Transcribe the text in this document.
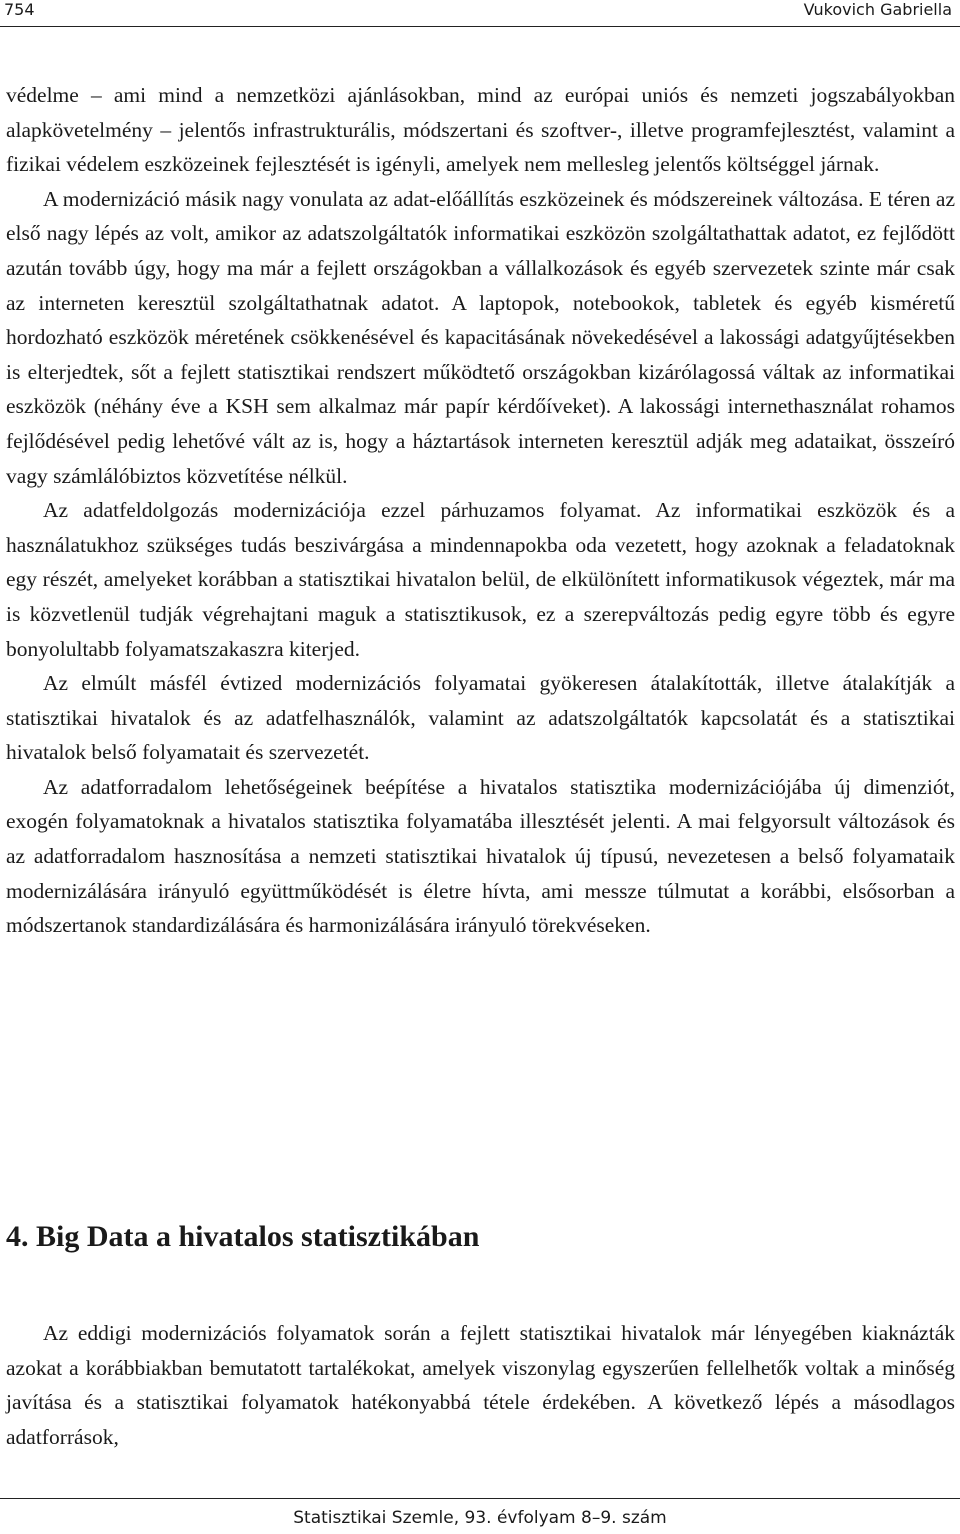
754	Vukovich Gabriella

védelme – ami mind a nemzetközi ajánlásokban, mind az európai uniós és nemzeti jogszabályokban alapkövetelmény – jelentős infrastrukturális, módszertani és szoftver-, illetve programfejlesztést, valamint a fizikai védelem eszközeinek fejlesztését is igényli, amelyek nem mellesleg jelentős költséggel járnak.

A modernizáció másik nagy vonulata az adat-előállítás eszközeinek és módszereinek változása. E téren az első nagy lépés az volt, amikor az adatszolgáltatók informatikai eszközön szolgáltathattak adatot, ez fejlődött azután tovább úgy, hogy ma már a fejlett országokban a vállalkozások és egyéb szervezetek szinte már csak az interneten keresztül szolgáltathatnak adatot. A laptopok, notebookok, tabletek és egyéb kisméretű hordozható eszközök méretének csökkenésével és kapacitásának növekedésével a lakossági adatgyűjtésekben is elterjedtek, sőt a fejlett statisztikai rendszert működtető országokban kizárólagossá váltak az informatikai eszközök (néhány éve a KSH sem alkalmaz már papír kérdőíveket). A lakossági internethasználat rohamos fejlődésével pedig lehetővé vált az is, hogy a háztartások interneten keresztül adják meg adataikat, összeíró vagy számlálóbiztos közvetítése nélkül.

Az adatfeldolgozás modernizációja ezzel párhuzamos folyamat. Az informatikai eszközök és a használatukhoz szükséges tudás beszivárgása a mindennapokba oda vezetett, hogy azoknak a feladatoknak egy részét, amelyeket korábban a statisztikai hivatalon belül, de elkülönített informatikusok végeztek, már ma is közvetlenül tudják végrehajtani maguk a statisztikusok, ez a szerepváltozás pedig egyre több és egyre bonyolultabb folyamatszakaszra kiterjed.

Az elmúlt másfél évtized modernizációs folyamatai gyökeresen átalakították, illetve átalakítják a statisztikai hivatalok és az adatfelhasználók, valamint az adatszolgáltatók kapcsolatát és a statisztikai hivatalok belső folyamatait és szervezetét.

Az adatforradalom lehetőségeinek beépítése a hivatalos statisztika modernizációjába új dimenziót, exogén folyamatoknak a hivatalos statisztika folyamatába illesztését jelenti. A mai felgyorsult változások és az adatforradalom hasznosítása a nemzeti statisztikai hivatalok új típusú, nevezetesen a belső folyamataik modernizálására irányuló együttműködését is életre hívta, ami messze túlmutat a korábbi, elsősorban a módszertanok standardizálására és harmonizálására irányuló törekvéseken.

4. Big Data a hivatalos statisztikában

Az eddigi modernizációs folyamatok során a fejlett statisztikai hivatalok már lényegében kiaknázták azokat a korábbiakban bemutatott tartalékokat, amelyek viszonylag egyszerűen fellelhetők voltak a minőség javítása és a statisztikai folyamatok hatékonyabbá tétele érdekében. A következő lépés a másodlagos adatforrások,

Statisztikai Szemle, 93. évfolyam 8–9. szám
